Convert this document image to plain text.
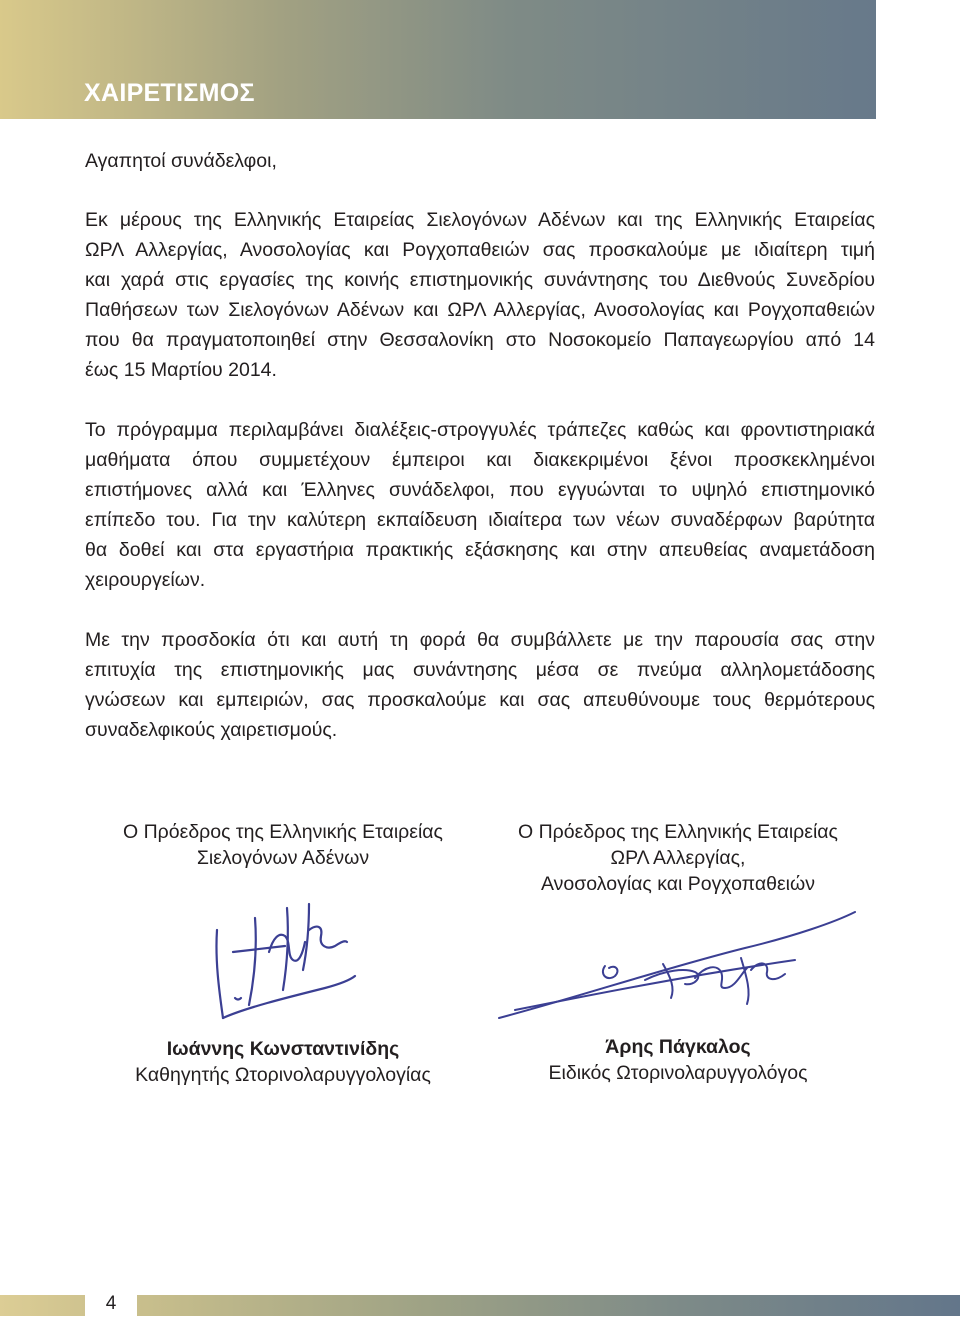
ΧΑΙΡΕΤΙΣΜΟΣ

Αγαπητοί συνάδελφοι,

Εκ μέρους της Ελληνικής Εταιρείας Σιελογόνων Αδένων και της Ελληνικής Εταιρείας
ΩΡΛ Αλλεργίας, Ανοσολογίας και Ρογχοπαθειών σας προσκαλούμε με ιδιαίτερη τιμή
και χαρά στις εργασίες της κοινής επιστημονικής συνάντησης του Διεθνούς Συνεδρίου
Παθήσεων των Σιελογόνων Αδένων και ΩΡΛ Αλλεργίας, Ανοσολογίας και Ρογχοπαθειών
που θα πραγματοποιηθεί στην Θεσσαλονίκη στο Νοσοκομείο Παπαγεωργίου από 14
έως 15 Μαρτίου 2014.
Το πρόγραμμα περιλαμβάνει διαλέξεις-στρογγυλές τράπεζες καθώς και φροντιστηριακά
μαθήματα όπου συμμετέχουν έμπειροι και διακεκριμένοι ξένοι προσκεκλημένοι
επιστήμονες αλλά και Έλληνες συνάδελφοι, που εγγυώνται το υψηλό επιστημονικό
επίπεδο του. Για την καλύτερη εκπαίδευση ιδιαίτερα των νέων συναδέρφων βαρύτητα
θα δοθεί και στα εργαστήρια πρακτικής εξάσκησης και στην απευθείας αναμετάδοση
χειρουργείων.
Με την προσδοκία ότι και αυτή τη φορά θα συμβάλλετε με την παρουσία σας στην
επιτυχία της επιστημονικής μας συνάντησης μέσα σε πνεύμα αλληλομετάδοσης
γνώσεων και εμπειριών, σας προσκαλούμε και σας απευθύνουμε τους θερμότερους
συναδελφικούς χαιρετισμούς.
Ο Πρόεδρος της Ελληνικής Εταιρείας
Σιελογόνων Αδένων
Ο Πρόεδρος της Ελληνικής Εταιρείας
ΩΡΛ Αλλεργίας,
Ανοσολογίας και Ρογχοπαθειών
Ιωάννης Κωνσταντινίδης
Καθηγητής Ωτορινολαρυγγολογίας
Άρης Πάγκαλος
Ειδικός Ωτορινολαρυγγολόγος
4
